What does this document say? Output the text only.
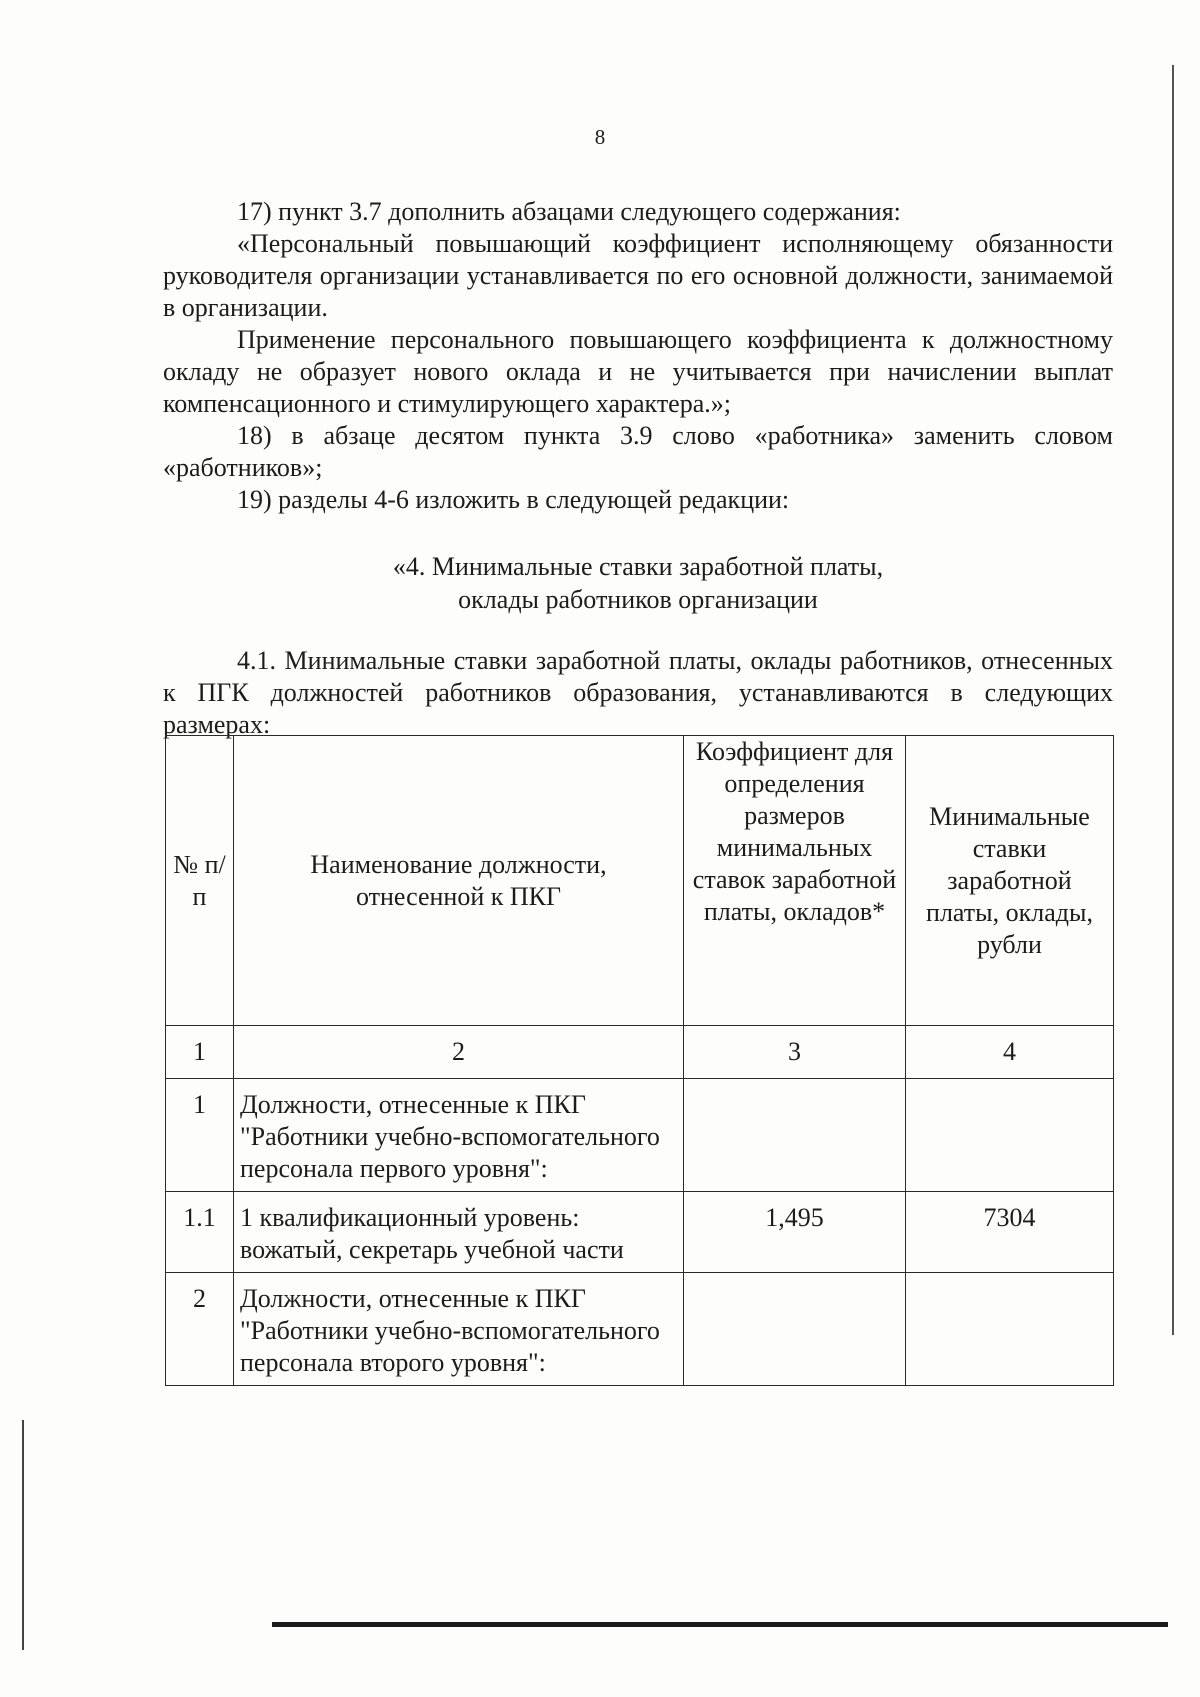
8

17) пункт 3.7 дополнить абзацами следующего содержания:

«Персональный повышающий коэффициент исполняющему обязанности руководителя организации устанавливается по его основной должности, занимаемой в организации.

Применение персонального повышающего коэффициента к должностному окладу не образует нового оклада и не учитывается при начислении выплат компенсационного и стимулирующего характера.»;

18) в абзаце десятом пункта 3.9 слово «работника» заменить словом «работников»;

19) разделы 4-6 изложить в следующей редакции:

«4. Минимальные ставки заработной платы,
оклады работников организации

4.1. Минимальные ставки заработной платы, оклады работников, отнесенных к ПГК должностей работников образования, устанавливаются в следующих размерах:

№ п/п	Наименование должности, отнесенной к ПКГ	Коэффициент для определения размеров минимальных ставок заработной платы, окладов*	Минимальные ставки заработной платы, оклады, рубли
1	2	3	4
1	Должности, отнесенные к ПКГ "Работники учебно-вспомогательного персонала первого уровня":		
1.1	1 квалификационный уровень: вожатый, секретарь учебной части	1,495	7304
2	Должности, отнесенные к ПКГ "Работники учебно-вспомогательного персонала второго уровня":		
